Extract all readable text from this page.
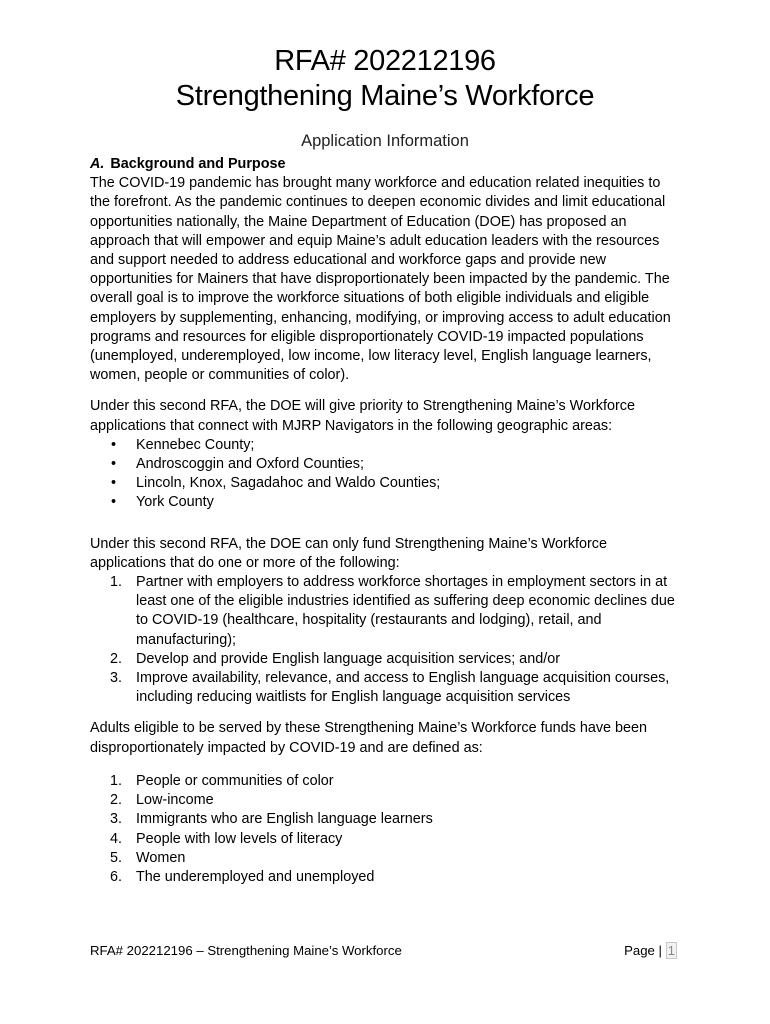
RFA# 202212196
Strengthening Maine’s Workforce
Application Information
A. Background and Purpose

The COVID-19 pandemic has brought many workforce and education related inequities to the forefront. As the pandemic continues to deepen economic divides and limit educational opportunities nationally, the Maine Department of Education (DOE) has proposed an approach that will empower and equip Maine’s adult education leaders with the resources and support needed to address educational and workforce gaps and provide new opportunities for Mainers that have disproportionately been impacted by the pandemic. The overall goal is to improve the workforce situations of both eligible individuals and eligible employers by supplementing, enhancing, modifying, or improving access to adult education programs and resources for eligible disproportionately COVID-19 impacted populations (unemployed, underemployed, low income, low literacy level, English language learners, women, people or communities of color).

Under this second RFA, the DOE will give priority to Strengthening Maine’s Workforce applications that connect with MJRP Navigators in the following geographic areas:

• Kennebec County;
• Androscoggin and Oxford Counties;
• Lincoln, Knox, Sagadahoc and Waldo Counties;
• York County

Under this second RFA, the DOE can only fund Strengthening Maine’s Workforce applications that do one or more of the following:

1. Partner with employers to address workforce shortages in employment sectors in at least one of the eligible industries identified as suffering deep economic declines due to COVID-19 (healthcare, hospitality (restaurants and lodging), retail, and manufacturing);
2. Develop and provide English language acquisition services; and/or
3. Improve availability, relevance, and access to English language acquisition courses, including reducing waitlists for English language acquisition services

Adults eligible to be served by these Strengthening Maine’s Workforce funds have been disproportionately impacted by COVID-19 and are defined as:

1. People or communities of color
2. Low-income
3. Immigrants who are English language learners
4. People with low levels of literacy
5. Women
6. The underemployed and unemployed
RFA# 202212196 – Strengthening Maine’s Workforce	Page | 1
